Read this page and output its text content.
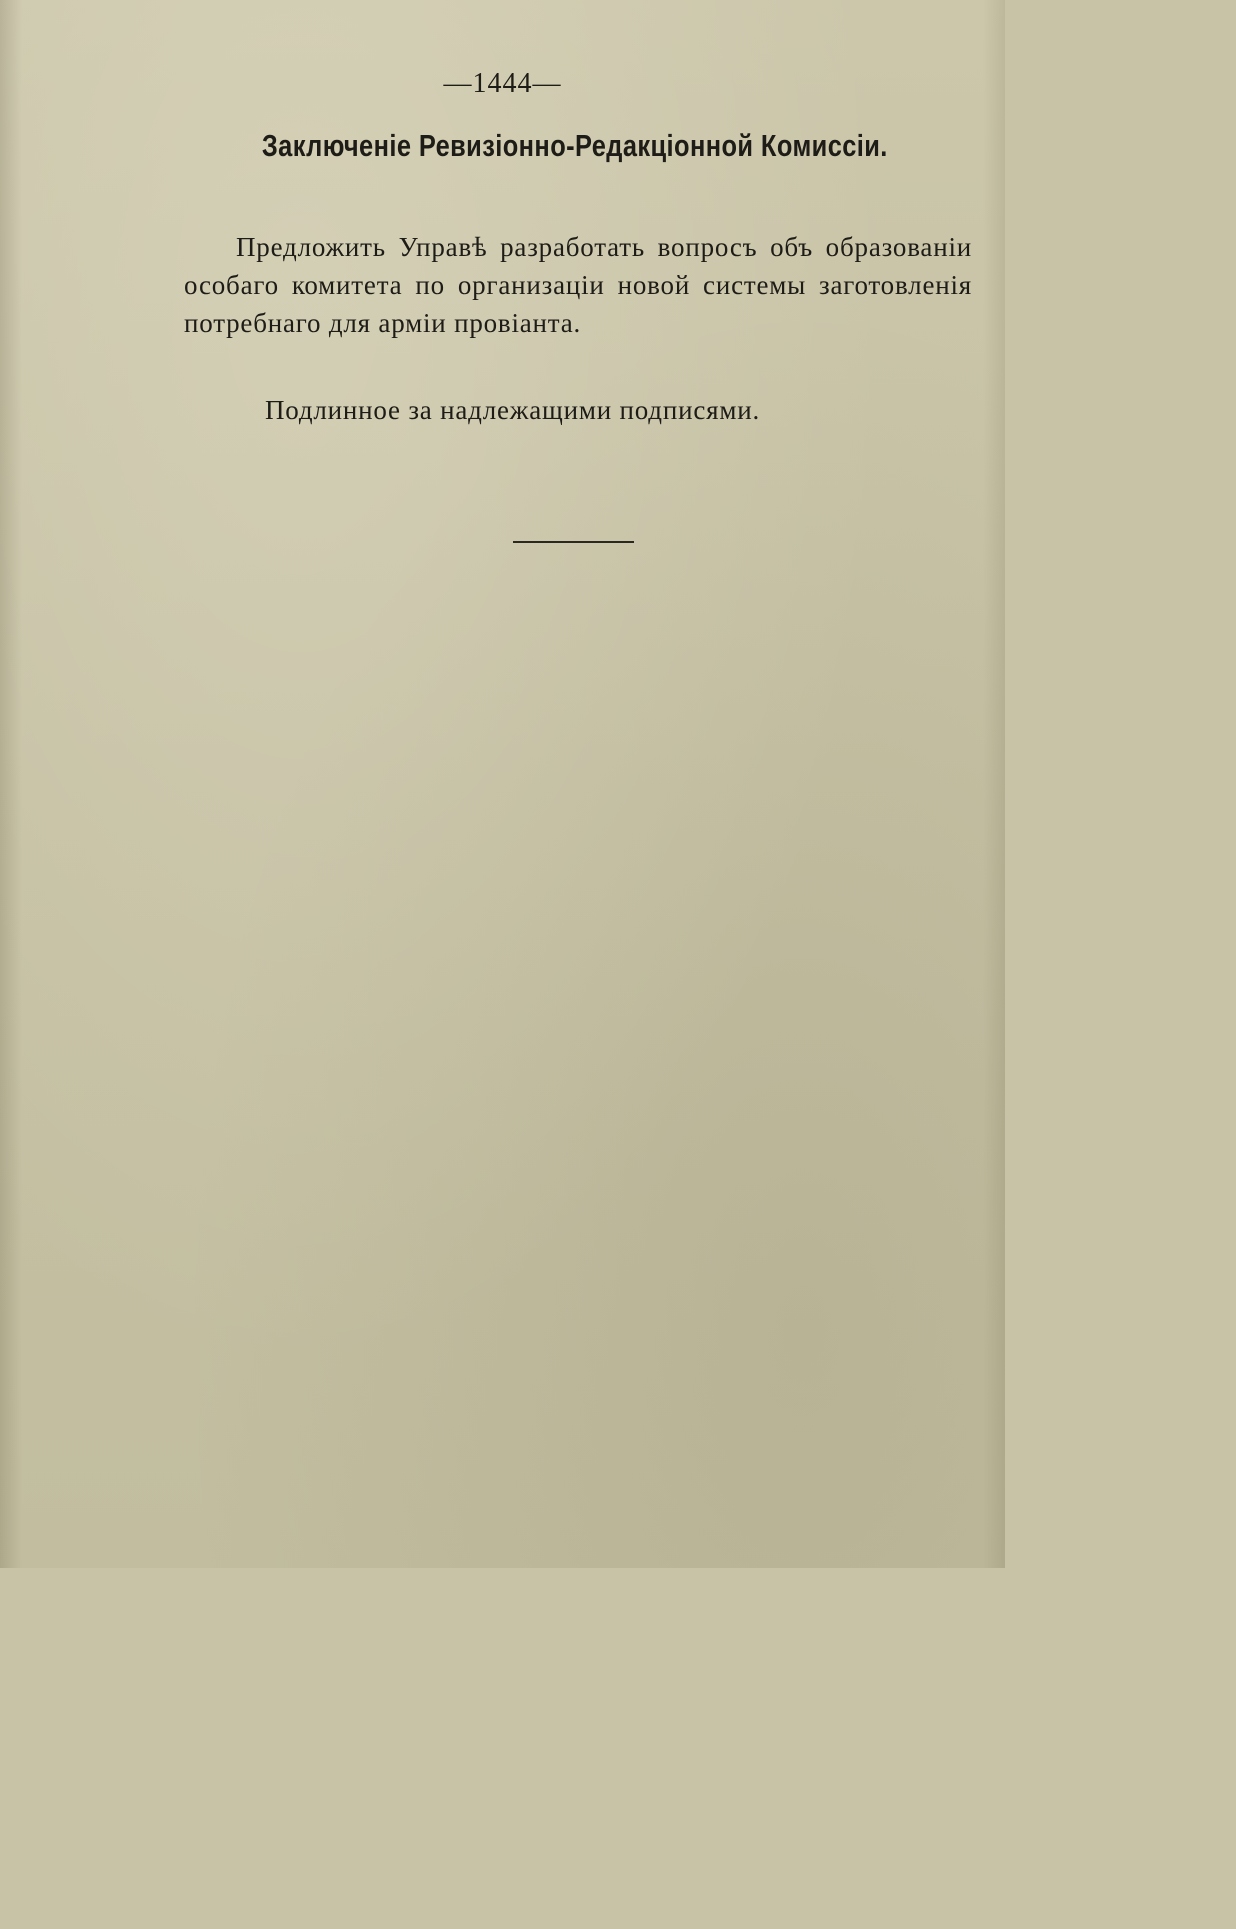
—1444—
Заключеніе Ревизіонно-Редакціонной Комиссіи.

Предложить Управѣ разработать вопросъ объ образованіи особаго комитета по организаціи новой системы заготовленія потребнаго для арміи провіанта.

Подлинное за надлежащими подписями.
